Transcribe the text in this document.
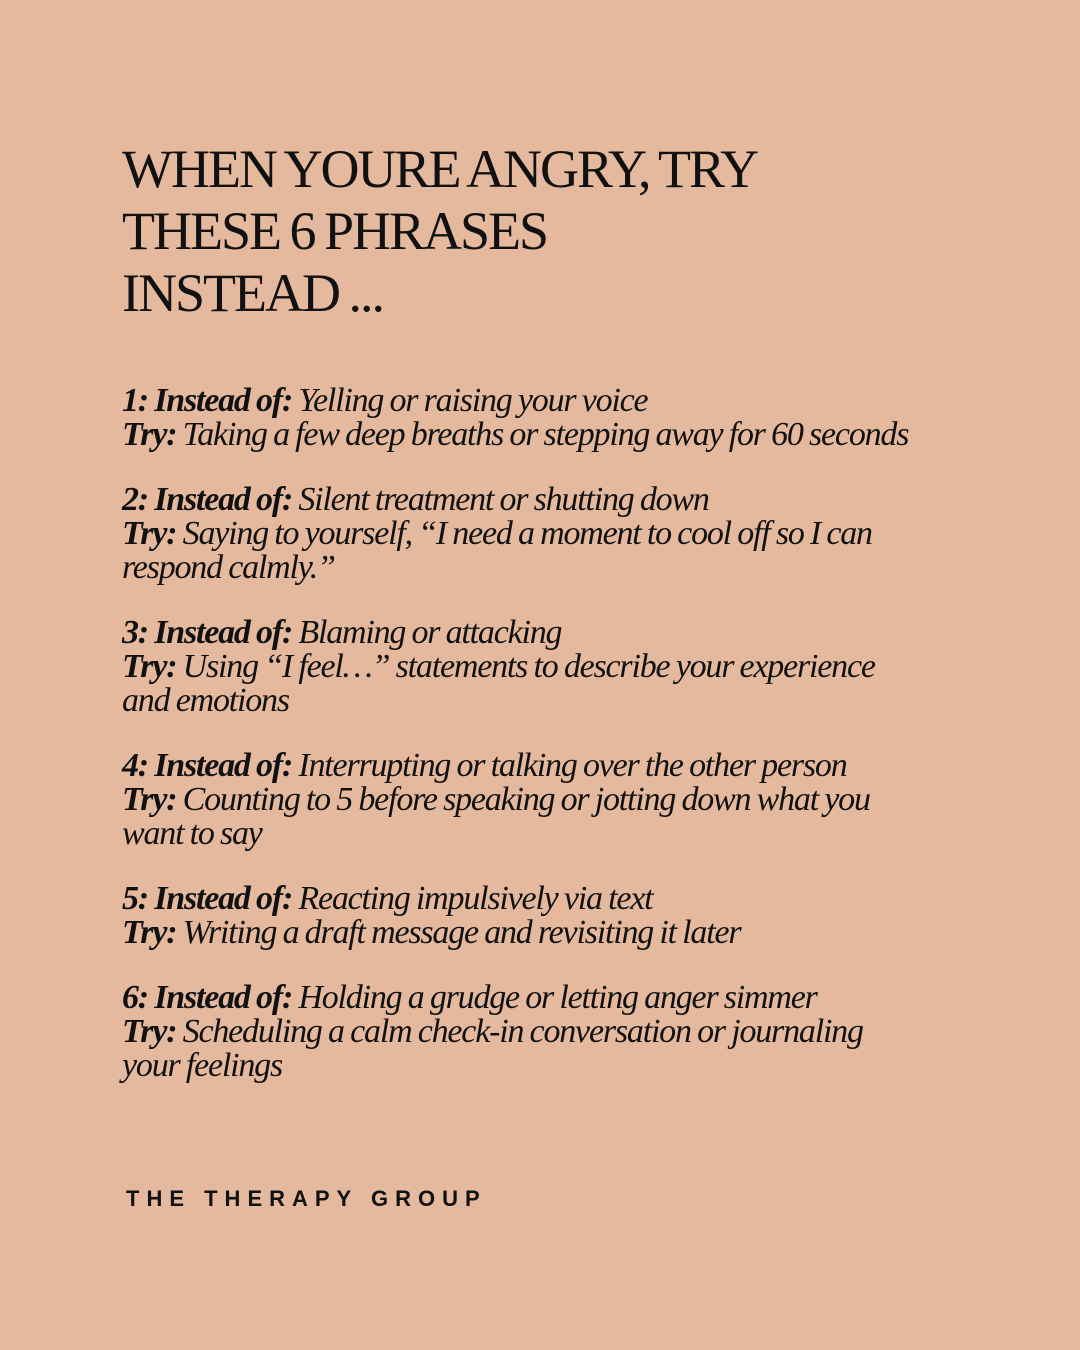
WHEN YOURE ANGRY, TRY
THESE 6 PHRASES
INSTEAD ...
1: Instead of: Yelling or raising your voice
Try: Taking a few deep breaths or stepping away for 60 seconds
2: Instead of: Silent treatment or shutting down
Try: Saying to yourself, “I need a moment to cool off so I can respond calmly.”
3: Instead of: Blaming or attacking
Try: Using “I feel…” statements to describe your experience and emotions
4: Instead of: Interrupting or talking over the other person
Try: Counting to 5 before speaking or jotting down what you want to say
5: Instead of: Reacting impulsively via text
Try: Writing a draft message and revisiting it later
6: Instead of: Holding a grudge or letting anger simmer
Try: Scheduling a calm check-in conversation or journaling your feelings

THE THERAPY GROUP
